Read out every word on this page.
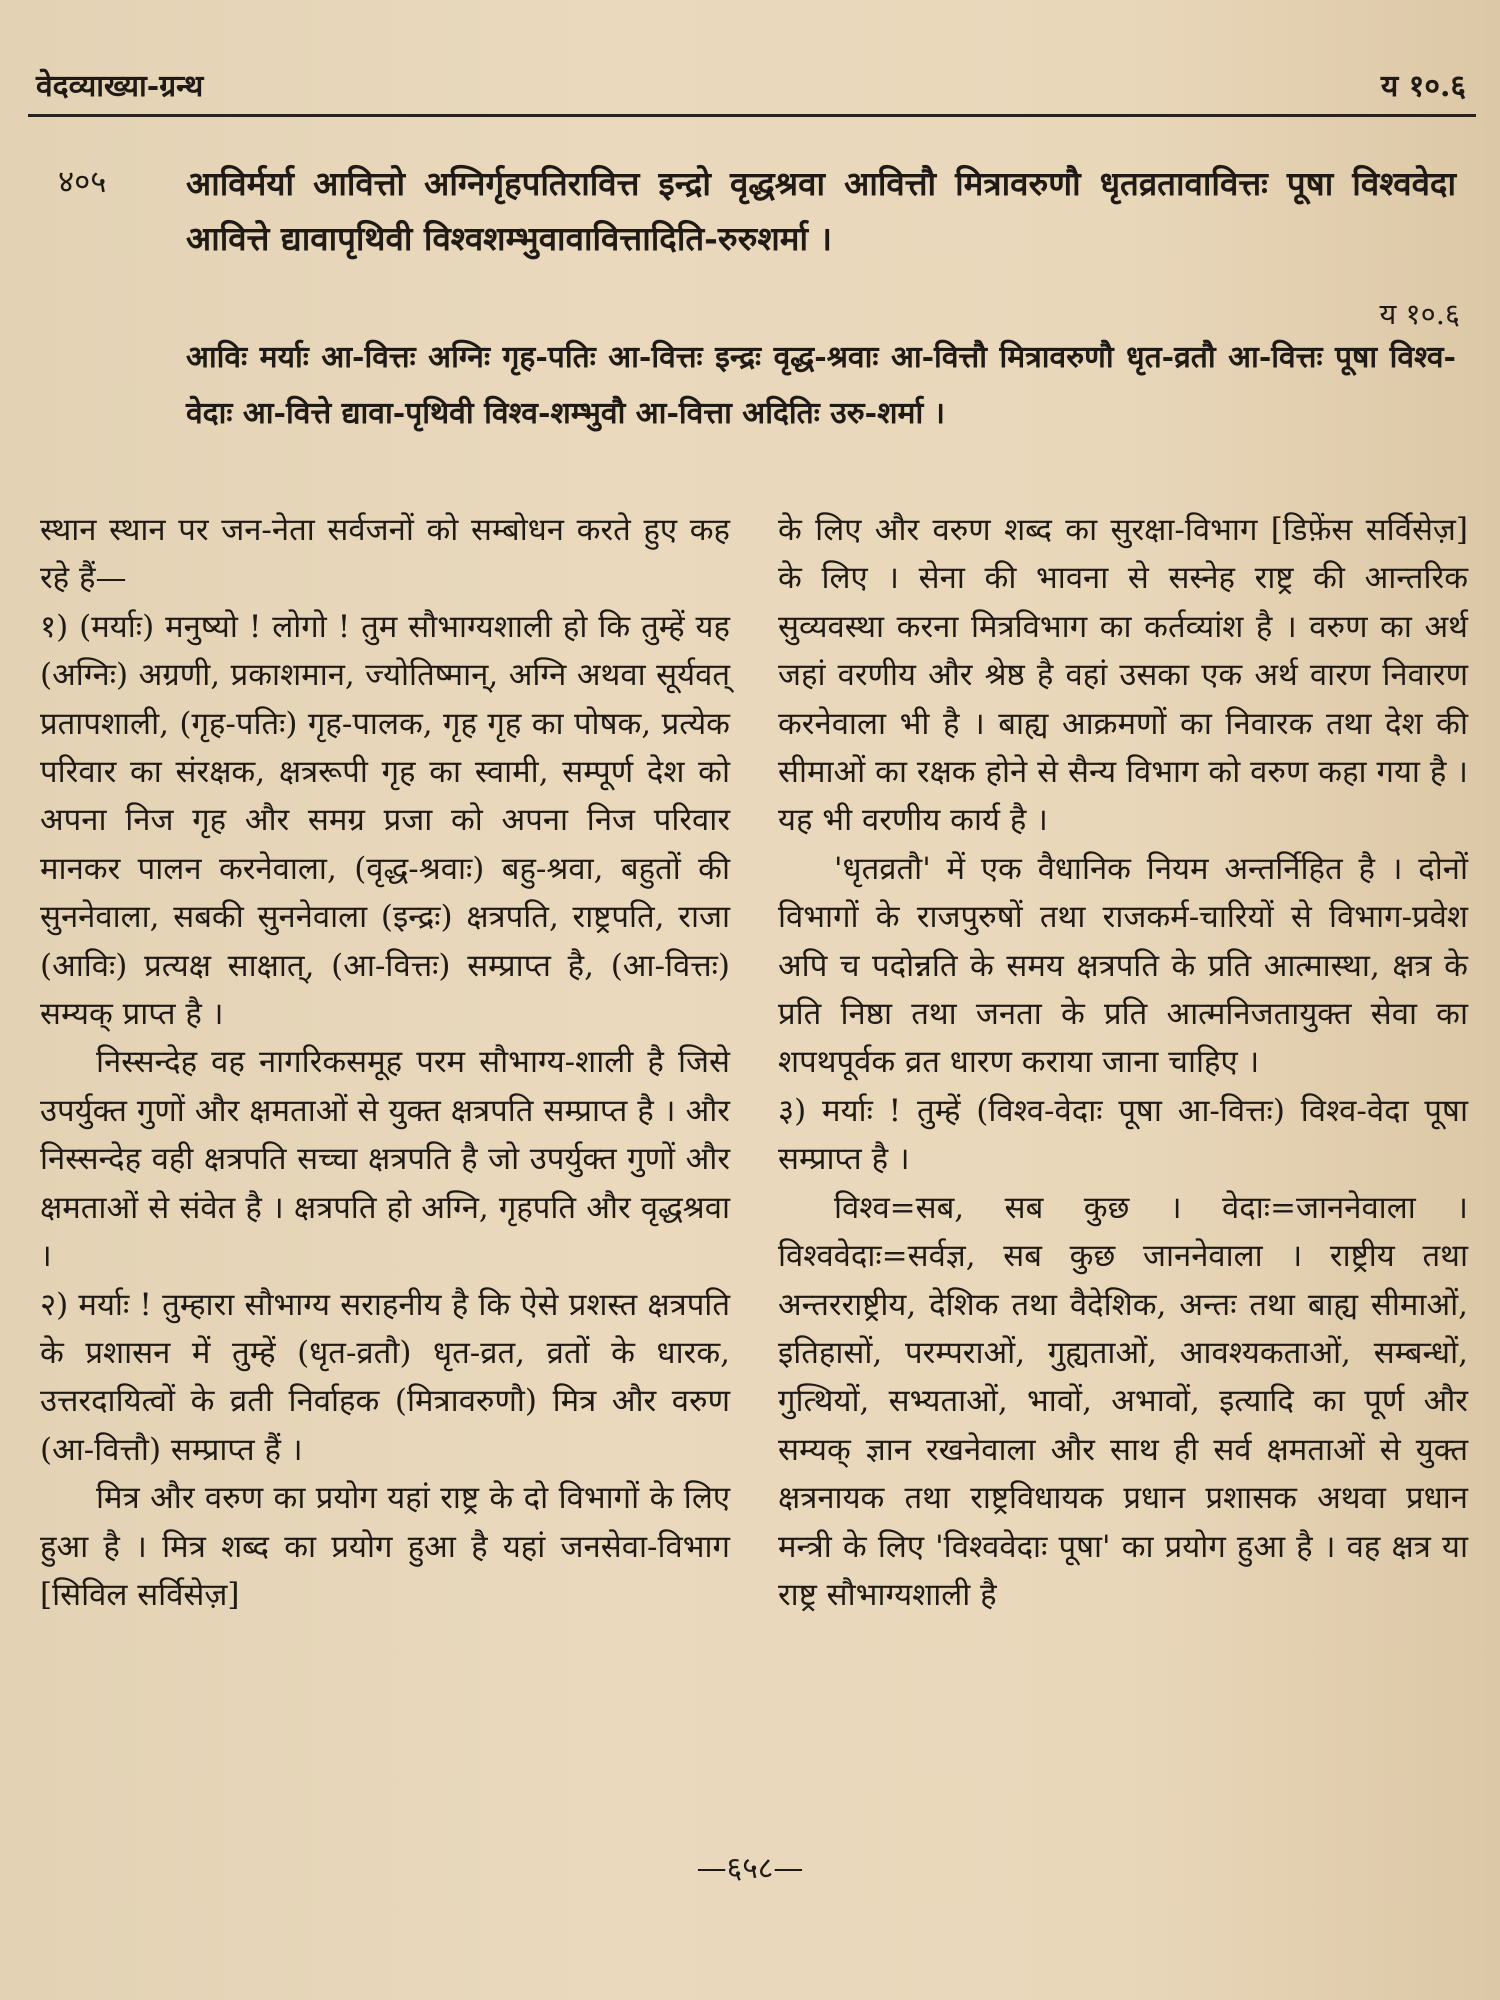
वेदव्याख्या-ग्रन्थ	य १०.६
४०५ आविर्मर्या आवित्तो अग्निर्गृहपतिरावित्त इन्द्रो वृद्धश्रवा आवित्तौ मित्रावरुणौ धृतव्रतावावित्तः पूषा विश्ववेदा आवित्ते द्यावापृथिवी विश्वशम्भुवावावित्तादिति-रुरुशर्मा ।
य १०.६
आविः मर्याः आ-वित्तः अग्निः गृह-पतिः आ-वित्तः इन्द्रः वृद्ध-श्रवाः आ-वित्तौ मित्रावरुणौ धृत-व्रतौ आ-वित्तः पूषा विश्व-वेदाः आ-वित्ते द्यावा-पृथिवी विश्व-शम्भुवौ आ-वित्ता अदितिः उरु-शर्मा ।

स्थान स्थान पर जन-नेता सर्वजनों को सम्बोधन करते हुए कह रहे हैं—

१) (मर्याः) मनुष्यो ! लोगो ! तुम सौभाग्यशाली हो कि तुम्हें यह (अग्निः) अग्रणी, प्रकाशमान, ज्योतिष्मान्, अग्नि अथवा सूर्यवत् प्रतापशाली, (गृह-पतिः) गृह-पालक, गृह गृह का पोषक, प्रत्येक परिवार का संरक्षक, क्षत्ररूपी गृह का स्वामी, सम्पूर्ण देश को अपना निज गृह और समग्र प्रजा को अपना निज परिवार मानकर पालन करनेवाला, (वृद्ध-श्रवाः) बहु-श्रवा, बहुतों की सुननेवाला, सबकी सुननेवाला (इन्द्रः) क्षत्रपति, राष्ट्रपति, राजा (आविः) प्रत्यक्ष साक्षात्, (आ-वित्तः) सम्प्राप्त है, (आ-वित्तः) सम्यक् प्राप्त है ।

निस्सन्देह वह नागरिकसमूह परम सौभाग्य-शाली है जिसे उपर्युक्त गुणों और क्षमताओं से युक्त क्षत्रपति सम्प्राप्त है । और निस्सन्देह वही क्षत्रपति सच्चा क्षत्रपति है जो उपर्युक्त गुणों और क्षमताओं से संवेत है । क्षत्रपति हो अग्नि, गृहपति और वृद्धश्रवा ।

२) मर्याः ! तुम्हारा सौभाग्य सराहनीय है कि ऐसे प्रशस्त क्षत्रपति के प्रशासन में तुम्हें (धृत-व्रतौ) धृत-व्रत, व्रतों के धारक, उत्तरदायित्वों के व्रती निर्वाहक (मित्रावरुणौ) मित्र और वरुण (आ-वित्तौ) सम्प्राप्त हैं ।

मित्र और वरुण का प्रयोग यहां राष्ट्र के दो विभागों के लिए हुआ है । मित्र शब्द का प्रयोग हुआ है यहां जनसेवा-विभाग [सिविल सर्विसेज़]

के लिए और वरुण शब्द का सुरक्षा-विभाग [डिफ़ेंस सर्विसेज़] के लिए । सेना की भावना से सस्नेह राष्ट्र की आन्तरिक सुव्यवस्था करना मित्रविभाग का कर्तव्यांश है । वरुण का अर्थ जहां वरणीय और श्रेष्ठ है वहां उसका एक अर्थ वारण निवारण करनेवाला भी है । बाह्य आक्रमणों का निवारक तथा देश की सीमाओं का रक्षक होने से सैन्य विभाग को वरुण कहा गया है । यह भी वरणीय कार्य है ।

'धृतव्रतौ' में एक वैधानिक नियम अन्तर्निहित है । दोनों विभागों के राजपुरुषों तथा राजकर्म-चारियों से विभाग-प्रवेश अपि च पदोन्नति के समय क्षत्रपति के प्रति आत्मास्था, क्षत्र के प्रति निष्ठा तथा जनता के प्रति आत्मनिजतायुक्त सेवा का शपथपूर्वक व्रत धारण कराया जाना चाहिए ।

३) मर्याः ! तुम्हें (विश्व-वेदाः पूषा आ-वित्तः) विश्व-वेदा पूषा सम्प्राप्त है ।

विश्व=सब, सब कुछ । वेदाः=जाननेवाला । विश्ववेदाः=सर्वज्ञ, सब कुछ जाननेवाला । राष्ट्रीय तथा अन्तरराष्ट्रीय, देशिक तथा वैदेशिक, अन्तः तथा बाह्य सीमाओं, इतिहासों, परम्पराओं, गुह्यताओं, आवश्यकताओं, सम्बन्धों, गुत्थियों, सभ्यताओं, भावों, अभावों, इत्यादि का पूर्ण और सम्यक् ज्ञान रखनेवाला और साथ ही सर्व क्षमताओं से युक्त क्षत्रनायक तथा राष्ट्रविधायक प्रधान प्रशासक अथवा प्रधान मन्त्री के लिए 'विश्ववेदाः पूषा' का प्रयोग हुआ है । वह क्षत्र या राष्ट्र सौभाग्यशाली है

—६५८—
